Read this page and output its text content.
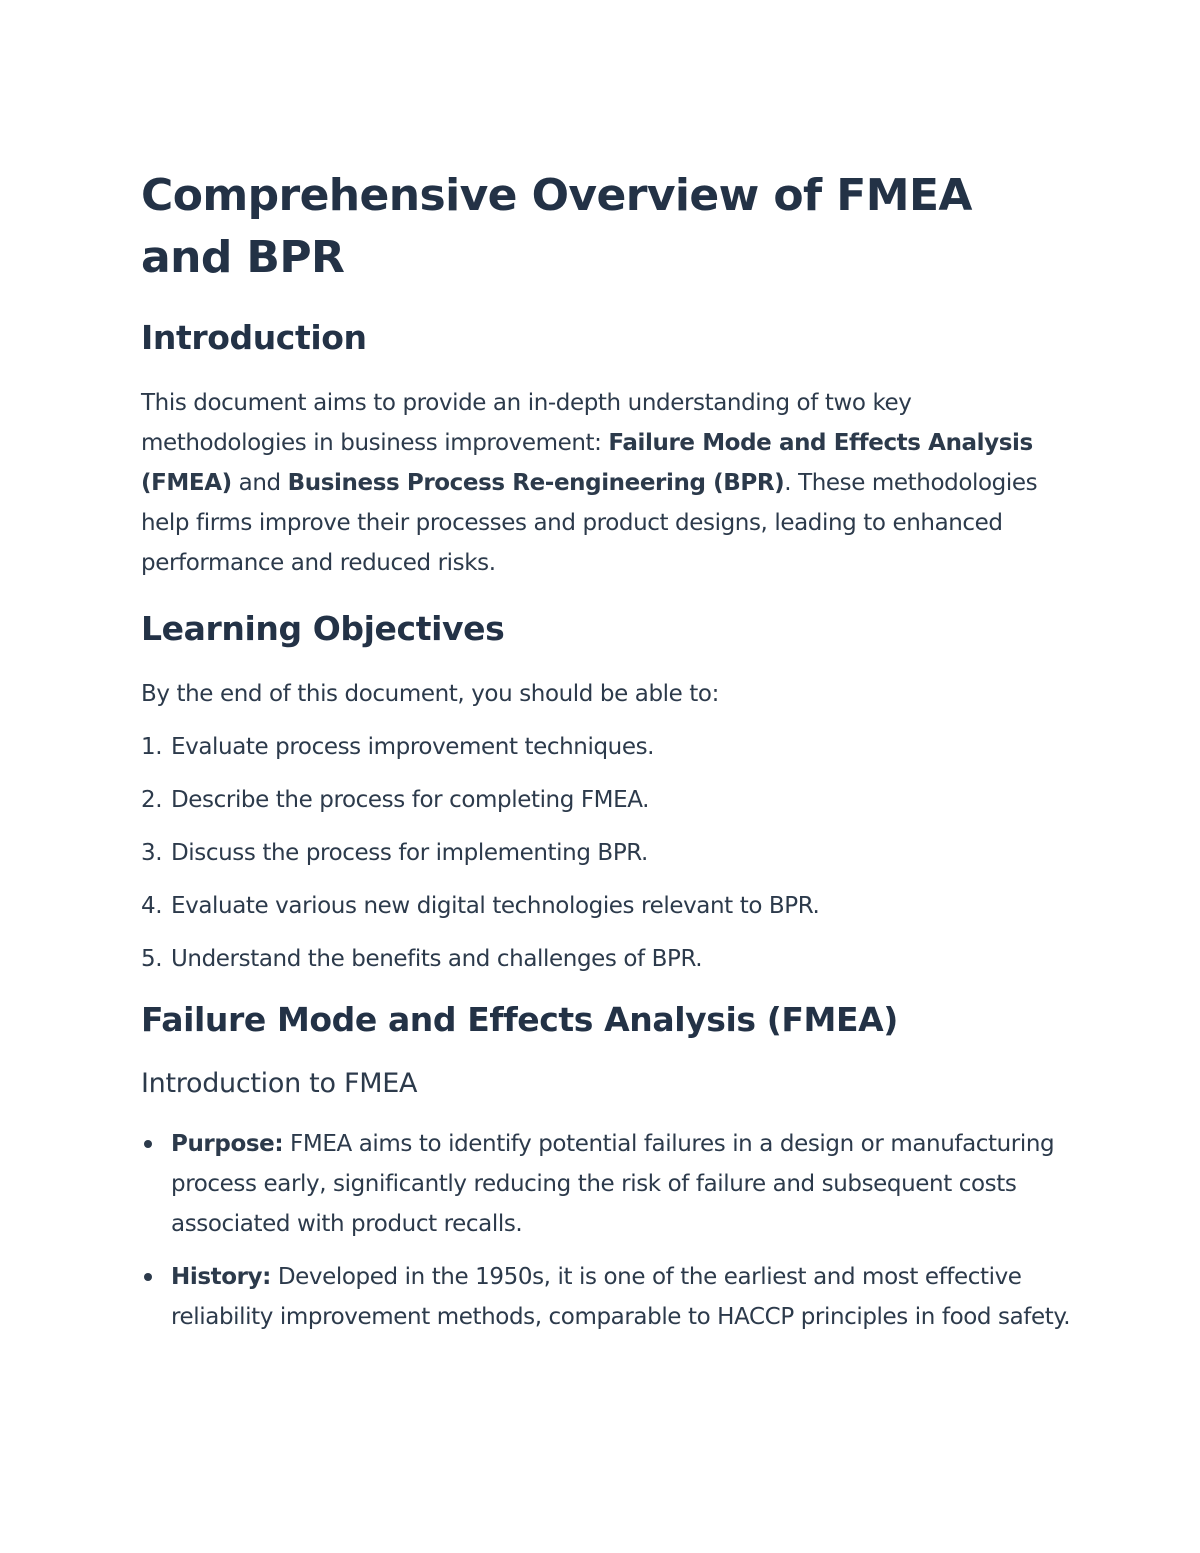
Comprehensive Overview of FMEA and BPR
Introduction

This document aims to provide an in-depth understanding of two key methodologies in business improvement: Failure Mode and Effects Analysis (FMEA) and Business Process Re-engineering (BPR). These methodologies help firms improve their processes and product designs, leading to enhanced performance and reduced risks.

Learning Objectives

By the end of this document, you should be able to:

1. Evaluate process improvement techniques.
2. Describe the process for completing FMEA.
3. Discuss the process for implementing BPR.
4. Evaluate various new digital technologies relevant to BPR.
5. Understand the benefits and challenges of BPR.
Failure Mode and Effects Analysis (FMEA)
Introduction to FMEA
Purpose: FMEA aims to identify potential failures in a design or manufacturing process early, significantly reducing the risk of failure and subsequent costs associated with product recalls.
History: Developed in the 1950s, it is one of the earliest and most effective reliability improvement methods, comparable to HACCP principles in food safety.
